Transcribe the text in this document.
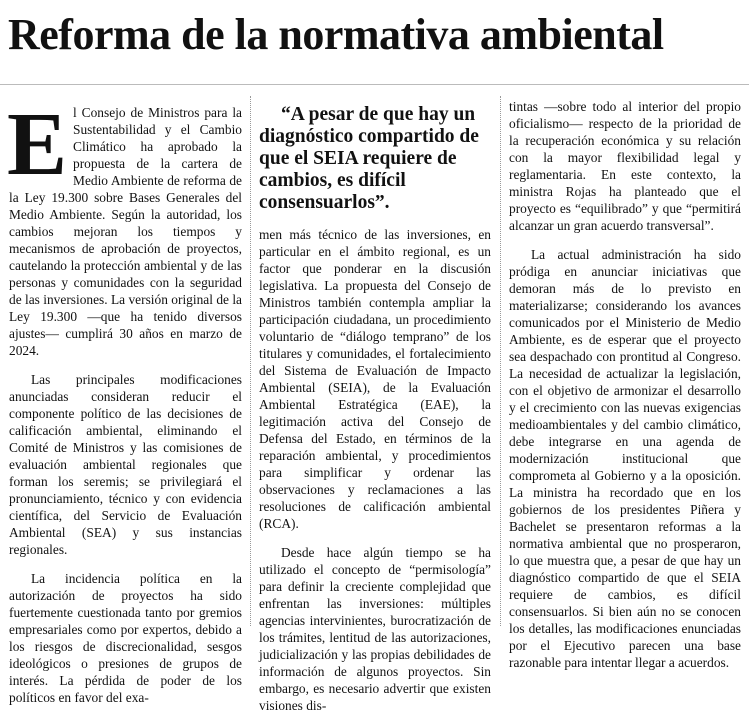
Reforma de la normativa ambiental

El Consejo de Ministros para la Sustentabilidad y el Cambio Climático ha aprobado la propuesta de la cartera de Medio Ambiente de reforma de la Ley 19.300 sobre Bases Generales del Medio Ambiente. Según la autoridad, los cambios mejoran los tiempos y mecanismos de aprobación de proyectos, cautelando la protección ambiental y de las personas y comunidades con la seguridad de las inversiones. La versión original de la Ley 19.300 —que ha tenido diversos ajustes— cumplirá 30 años en marzo de 2024.

Las principales modificaciones anunciadas consideran reducir el componente político de las decisiones de calificación ambiental, eliminando el Comité de Ministros y las comisiones de evaluación ambiental regionales que forman los seremis; se privilegiará el pronunciamiento, técnico y con evidencia científica, del Servicio de Evaluación Ambiental (SEA) y sus instancias regionales.

La incidencia política en la autorización de proyectos ha sido fuertemente cuestionada tanto por gremios empresariales como por expertos, debido a los riesgos de discrecionalidad, sesgos ideológicos o presiones de grupos de interés. La pérdida de poder de los políticos en favor del exa-

“A pesar de que hay un diagnóstico compartido de que el SEIA requiere de cambios, es difícil consensuarlos”.

men más técnico de las inversiones, en particular en el ámbito regional, es un factor que ponderar en la discusión legislativa. La propuesta del Consejo de Ministros también contempla ampliar la participación ciudadana, un procedimiento voluntario de “diálogo temprano” de los titulares y comunidades, el fortalecimiento del Sistema de Evaluación de Impacto Ambiental (SEIA), de la Evaluación Ambiental Estratégica (EAE), la legitimación activa del Consejo de Defensa del Estado, en términos de la reparación ambiental, y procedimientos para simplificar y ordenar las observaciones y reclamaciones a las resoluciones de calificación ambiental (RCA).

Desde hace algún tiempo se ha utilizado el concepto de “permisología” para definir la creciente complejidad que enfrentan las inversiones: múltiples agencias intervinientes, burocratización de los trámites, lentitud de las autorizaciones, judicialización y las propias debilidades de información de algunos proyectos. Sin embargo, es necesario advertir que existen visiones dis-

tintas —sobre todo al interior del propio oficialismo— respecto de la prioridad de la recuperación económica y su relación con la mayor flexibilidad legal y reglamentaria. En este contexto, la ministra Rojas ha planteado que el proyecto es “equilibrado” y que “permitirá alcanzar un gran acuerdo transversal”.

La actual administración ha sido pródiga en anunciar iniciativas que demoran más de lo previsto en materializarse; considerando los avances comunicados por el Ministerio de Medio Ambiente, es de esperar que el proyecto sea despachado con prontitud al Congreso. La necesidad de actualizar la legislación, con el objetivo de armonizar el desarrollo y el crecimiento con las nuevas exigencias medioambientales y del cambio climático, debe integrarse en una agenda de modernización institucional que comprometa al Gobierno y a la oposición. La ministra ha recordado que en los gobiernos de los presidentes Piñera y Bachelet se presentaron reformas a la normativa ambiental que no prosperaron, lo que muestra que, a pesar de que hay un diagnóstico compartido de que el SEIA requiere de cambios, es difícil consensuarlos. Si bien aún no se conocen los detalles, las modificaciones enunciadas por el Ejecutivo parecen una base razonable para intentar llegar a acuerdos.
